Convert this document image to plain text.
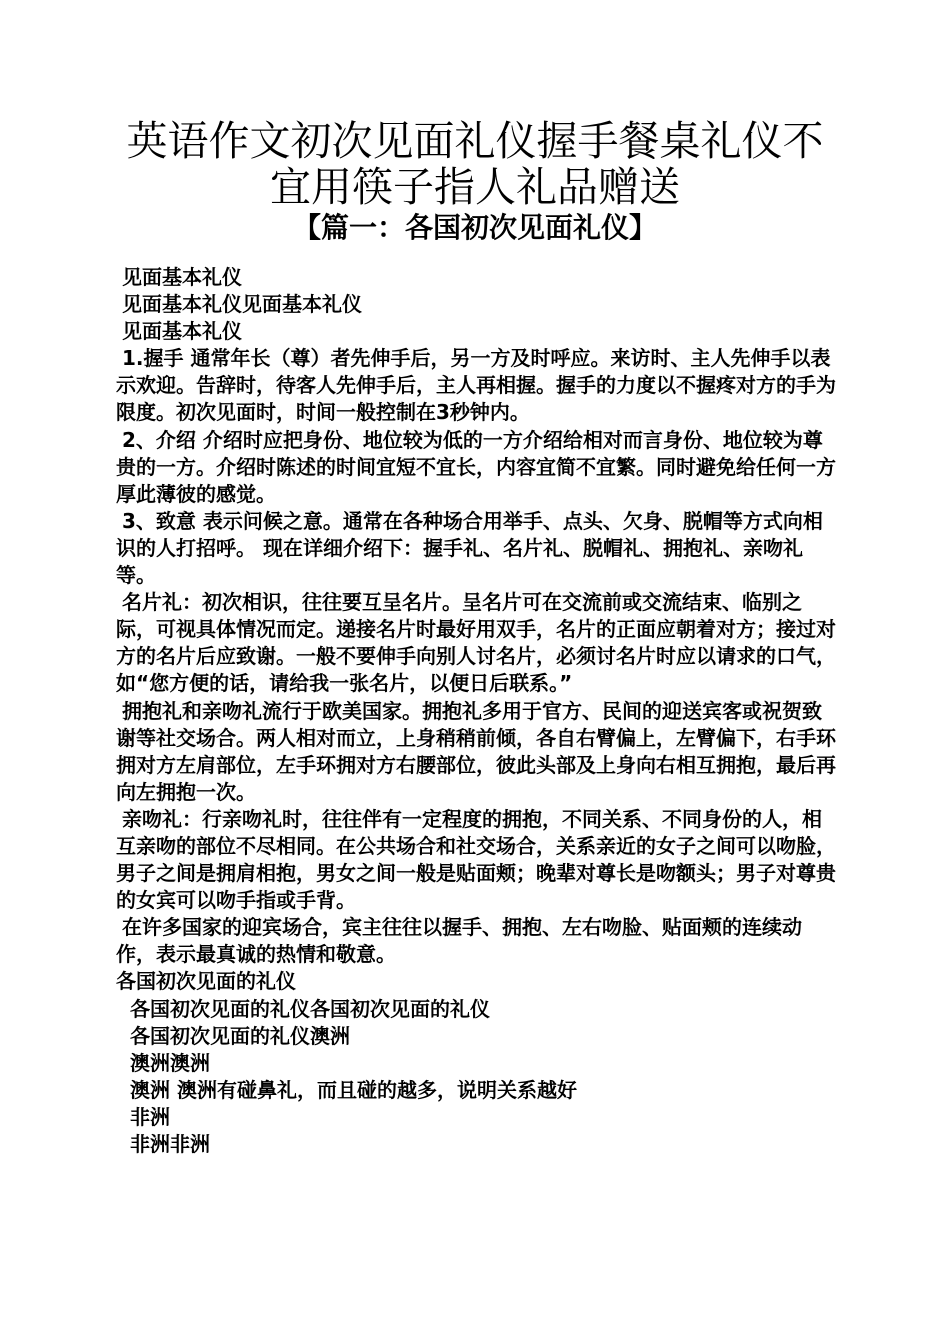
英语作文初次见面礼仪握手餐桌礼仪不
宜用筷子指人礼品赠送
【篇一：各国初次见面礼仪】

见面基本礼仪

见面基本礼仪见面基本礼仪

见面基本礼仪

1.握手 通常年长（尊）者先伸手后，另一方及时呼应。来访时、主人先伸手以表示欢迎。告辞时，待客人先伸手后，主人再相握。握手的力度以不握疼对方的手为限度。初次见面时，时间一般控制在3秒钟内。

2、介绍 介绍时应把身份、地位较为低的一方介绍给相对而言身份、地位较为尊贵的一方。介绍时陈述的时间宜短不宜长，内容宜简不宜繁。同时避免给任何一方厚此薄彼的感觉。

3、致意 表示问候之意。通常在各种场合用举手、点头、欠身、脱帽等方式向相识的人打招呼。 现在详细介绍下：握手礼、名片礼、脱帽礼、拥抱礼、亲吻礼等。

名片礼：初次相识，往往要互呈名片。呈名片可在交流前或交流结束、临别之际，可视具体情况而定。递接名片时最好用双手，名片的正面应朝着对方；接过对方的名片后应致谢。一般不要伸手向别人讨名片，必须讨名片时应以请求的口气，如“您方便的话，请给我一张名片，以便日后联系。”

拥抱礼和亲吻礼流行于欧美国家。拥抱礼多用于官方、民间的迎送宾客或祝贺致谢等社交场合。两人相对而立，上身稍稍前倾，各自右臂偏上，左臂偏下，右手环拥对方左肩部位，左手环拥对方右腰部位，彼此头部及上身向右相互拥抱，最后再向左拥抱一次。

亲吻礼：行亲吻礼时，往往伴有一定程度的拥抱，不同关系、不同身份的人，相互亲吻的部位不尽相同。在公共场合和社交场合，关系亲近的女子之间可以吻脸，男子之间是拥肩相抱，男女之间一般是贴面颊；晚辈对尊长是吻额头；男子对尊贵的女宾可以吻手指或手背。

在许多国家的迎宾场合，宾主往往以握手、拥抱、左右吻脸、贴面颊的连续动作，表示最真诚的热情和敬意。

各国初次见面的礼仪

各国初次见面的礼仪各国初次见面的礼仪

各国初次见面的礼仪澳洲

澳洲澳洲

澳洲 澳洲有碰鼻礼，而且碰的越多，说明关系越好

非洲

非洲非洲
